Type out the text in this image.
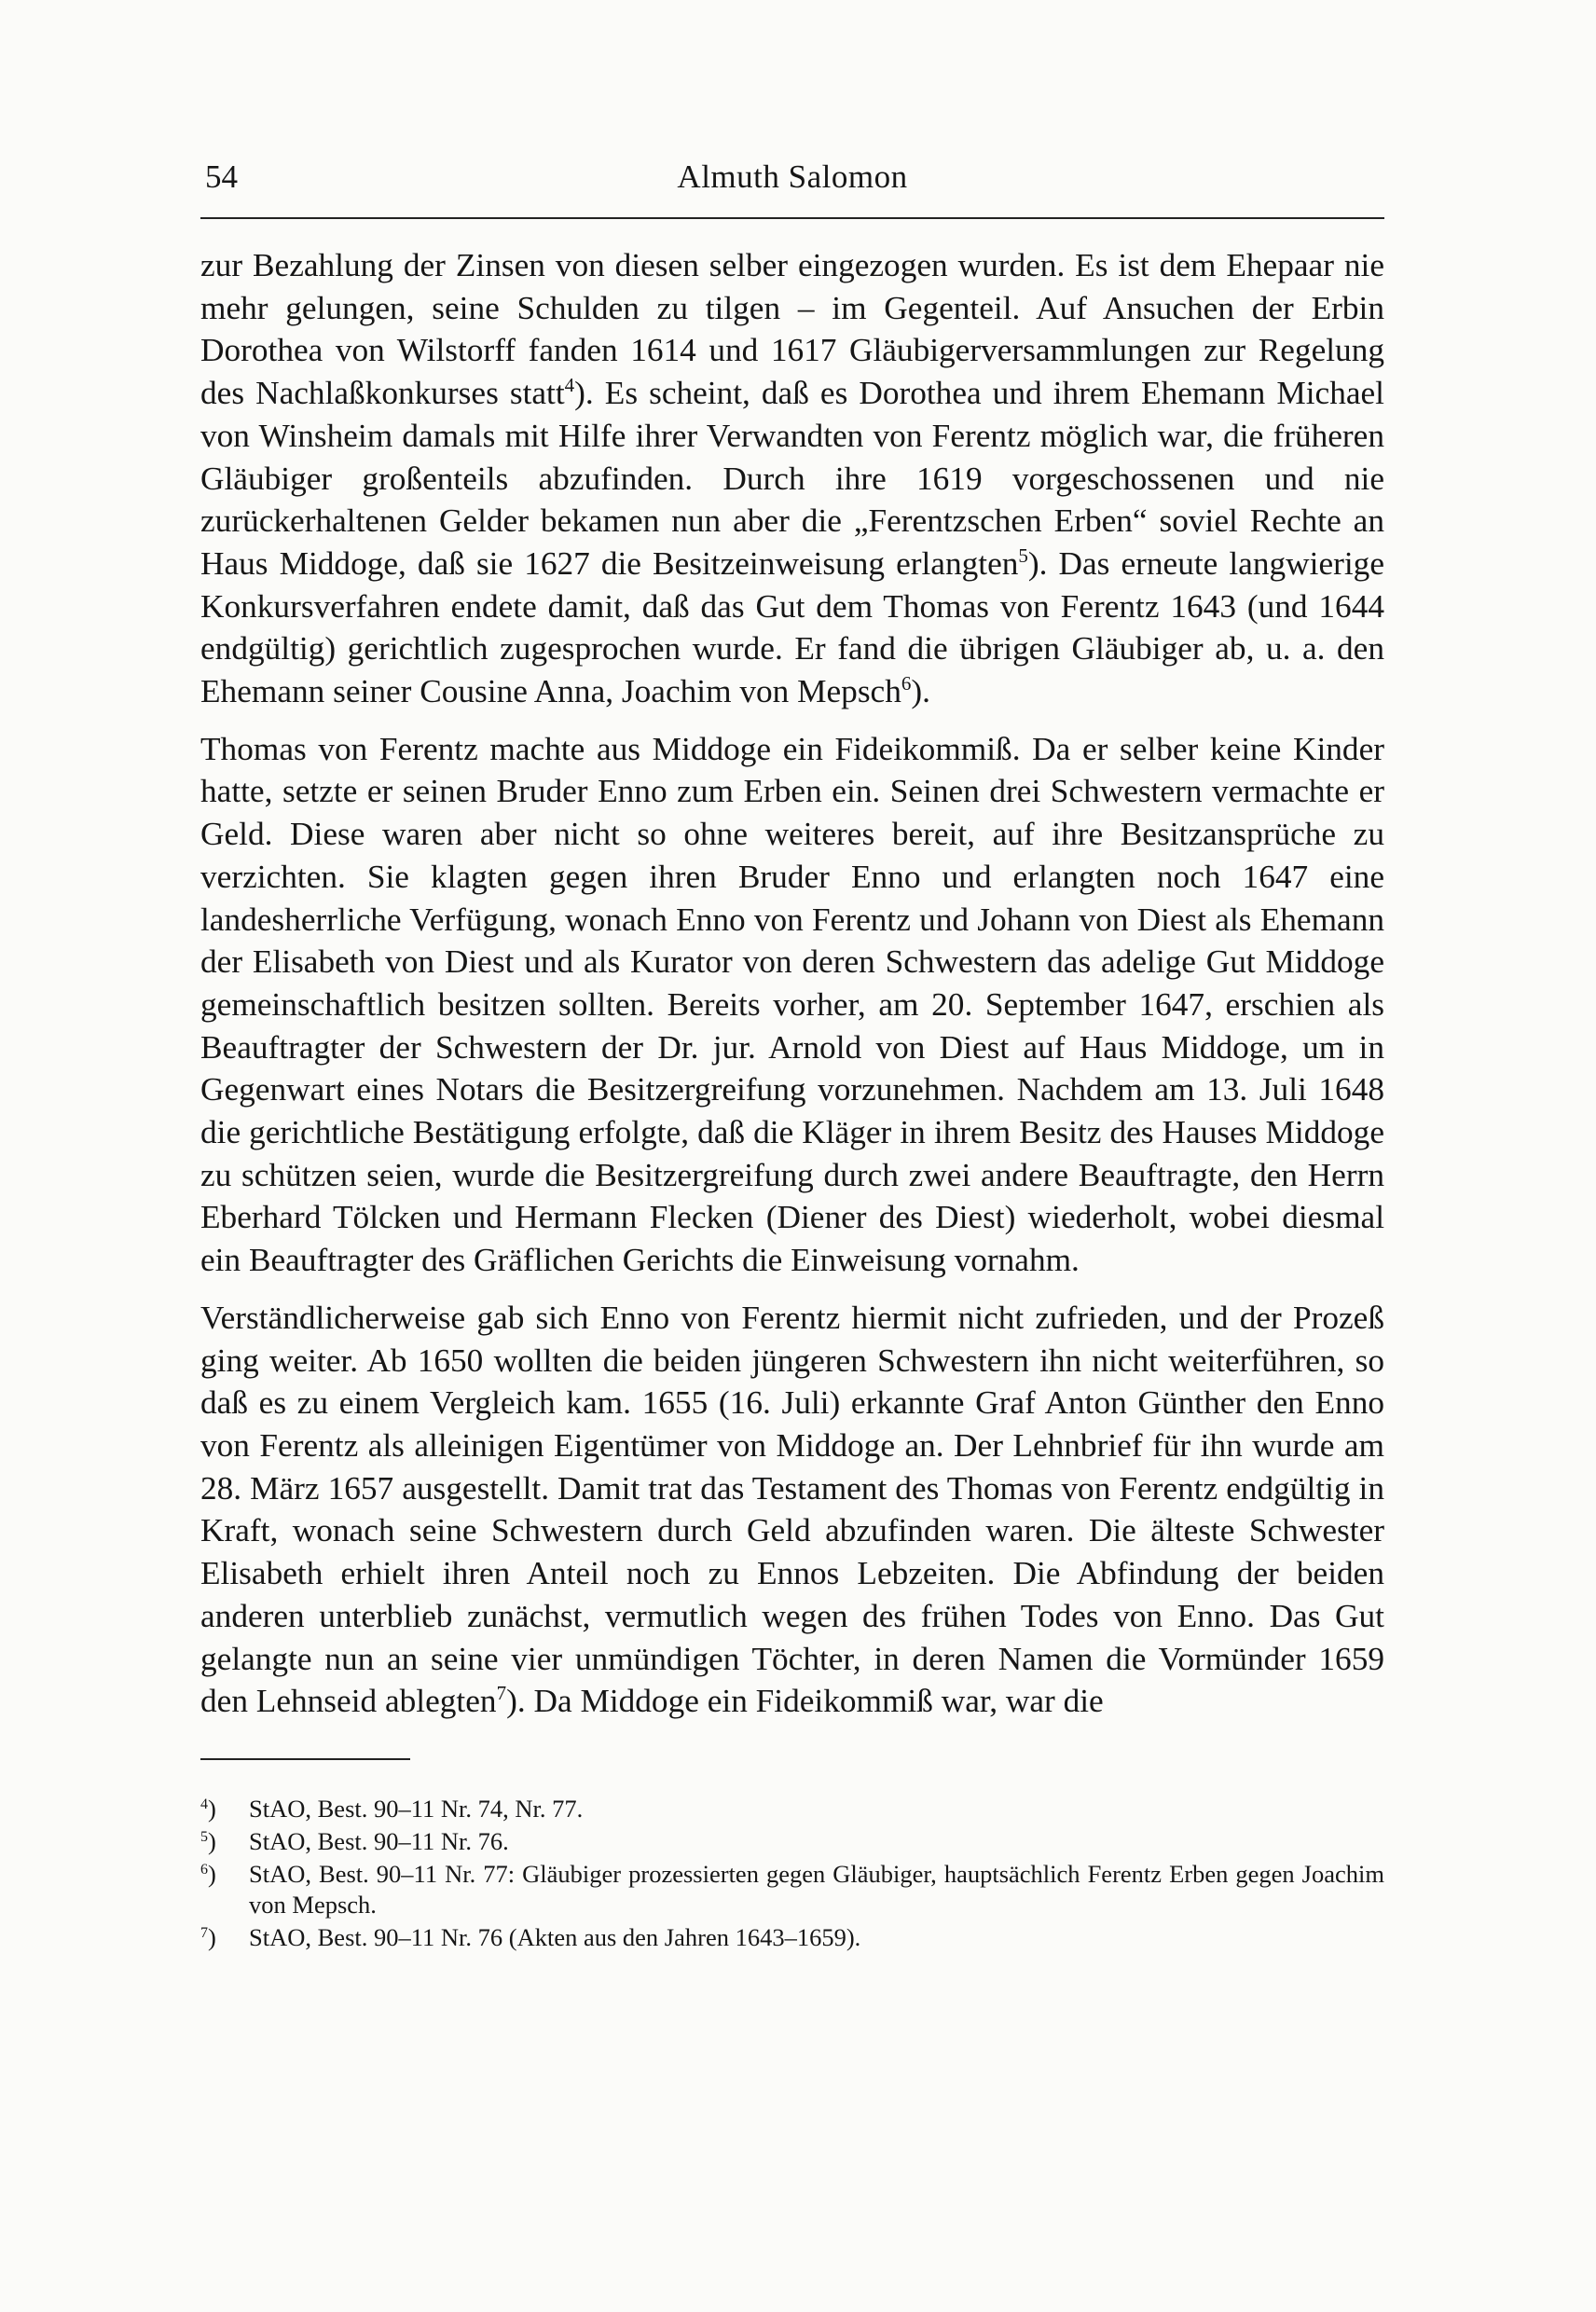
54	Almuth Salomon

zur Bezahlung der Zinsen von diesen selber eingezogen wurden. Es ist dem Ehepaar nie mehr gelungen, seine Schulden zu tilgen – im Gegenteil. Auf Ansuchen der Erbin Dorothea von Wilstorff fanden 1614 und 1617 Gläubigerversammlungen zur Regelung des Nachlaßkonkurses statt$^4$). Es scheint, daß es Dorothea und ihrem Ehemann Michael von Winsheim damals mit Hilfe ihrer Verwandten von Ferentz möglich war, die früheren Gläubiger großenteils abzufinden. Durch ihre 1619 vorgeschossenen und nie zurückerhaltenen Gelder bekamen nun aber die „Ferentzschen Erben“ soviel Rechte an Haus Middoge, daß sie 1627 die Besitzeinweisung erlangten$^5$). Das erneute langwierige Konkursverfahren endete damit, daß das Gut dem Thomas von Ferentz 1643 (und 1644 endgültig) gerichtlich zugesprochen wurde. Er fand die übrigen Gläubiger ab, u. a. den Ehemann seiner Cousine Anna, Joachim von Mepsch$^6$).

Thomas von Ferentz machte aus Middoge ein Fideikommiß. Da er selber keine Kinder hatte, setzte er seinen Bruder Enno zum Erben ein. Seinen drei Schwestern vermachte er Geld. Diese waren aber nicht so ohne weiteres bereit, auf ihre Besitzansprüche zu verzichten. Sie klagten gegen ihren Bruder Enno und erlangten noch 1647 eine landesherrliche Verfügung, wonach Enno von Ferentz und Johann von Diest als Ehemann der Elisabeth von Diest und als Kurator von deren Schwestern das adelige Gut Middoge gemeinschaftlich besitzen sollten. Bereits vorher, am 20. September 1647, erschien als Beauftragter der Schwestern der Dr. jur. Arnold von Diest auf Haus Middoge, um in Gegenwart eines Notars die Besitzergreifung vorzunehmen. Nachdem am 13. Juli 1648 die gerichtliche Bestätigung erfolgte, daß die Kläger in ihrem Besitz des Hauses Middoge zu schützen seien, wurde die Besitzergreifung durch zwei andere Beauftragte, den Herrn Eberhard Tölcken und Hermann Flecken (Diener des Diest) wiederholt, wobei diesmal ein Beauftragter des Gräflichen Gerichts die Einweisung vornahm.

Verständlicherweise gab sich Enno von Ferentz hiermit nicht zufrieden, und der Prozeß ging weiter. Ab 1650 wollten die beiden jüngeren Schwestern ihn nicht weiterführen, so daß es zu einem Vergleich kam. 1655 (16. Juli) erkannte Graf Anton Günther den Enno von Ferentz als alleinigen Eigentümer von Middoge an. Der Lehnbrief für ihn wurde am 28. März 1657 ausgestellt. Damit trat das Testament des Thomas von Ferentz endgültig in Kraft, wonach seine Schwestern durch Geld abzufinden waren. Die älteste Schwester Elisabeth erhielt ihren Anteil noch zu Ennos Lebzeiten. Die Abfindung der beiden anderen unterblieb zunächst, vermutlich wegen des frühen Todes von Enno. Das Gut gelangte nun an seine vier unmündigen Töchter, in deren Namen die Vormünder 1659 den Lehnseid ablegten$^7$). Da Middoge ein Fideikommiß war, war die

$^4$) StAO, Best. 90–11 Nr. 74, Nr. 77.
$^5$) StAO, Best. 90–11 Nr. 76.
$^6$) StAO, Best. 90–11 Nr. 77: Gläubiger prozessierten gegen Gläubiger, hauptsächlich Ferentz Erben gegen Joachim von Mepsch.
$^7$) StAO, Best. 90–11 Nr. 76 (Akten aus den Jahren 1643–1659).
